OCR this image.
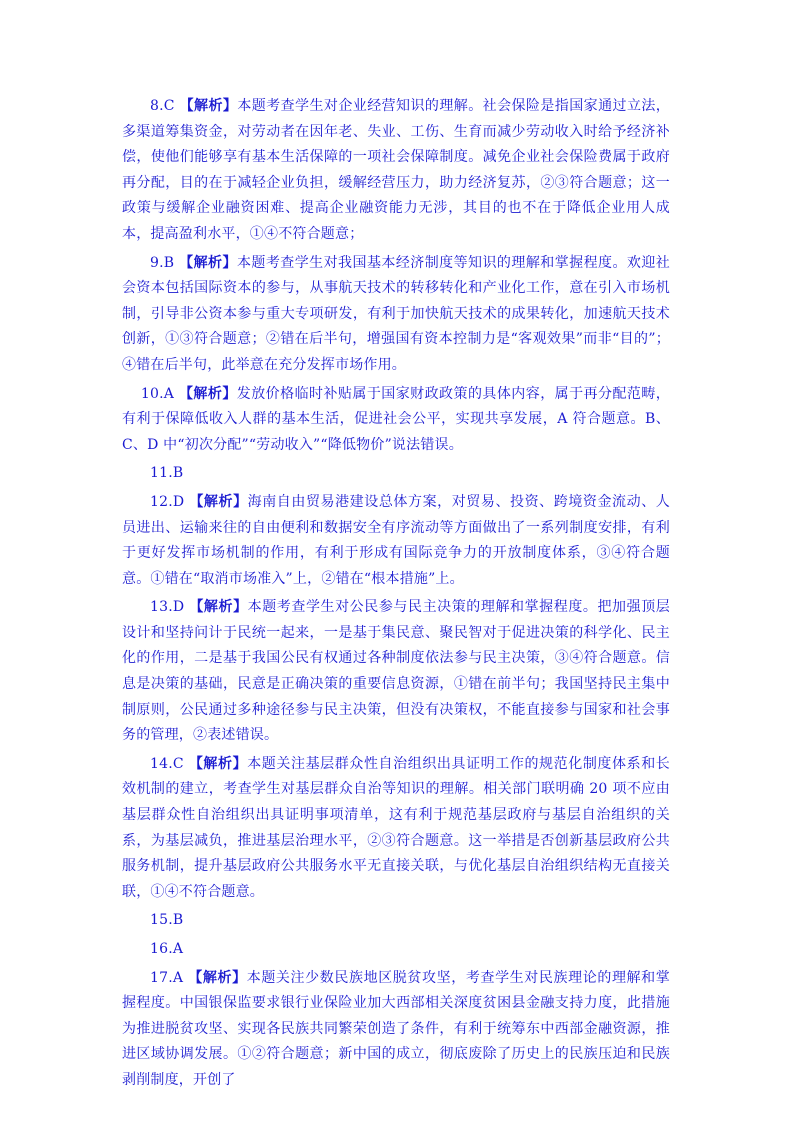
8.C 【解析】本题考查学生对企业经营知识的理解。社会保险是指国家通过立法，多渠道筹集资金，对劳动者在因年老、失业、工伤、生育而减少劳动收入时给予经济补偿，使他们能够享有基本生活保障的一项社会保障制度。减免企业社会保险费属于政府再分配，目的在于减轻企业负担，缓解经营压力，助力经济复苏，②③符合题意；这一政策与缓解企业融资困难、提高企业融资能力无涉，其目的也不在于降低企业用人成本，提高盈利水平，①④不符合题意；

9.B 【解析】本题考查学生对我国基本经济制度等知识的理解和掌握程度。欢迎社会资本包括国际资本的参与，从事航天技术的转移转化和产业化工作，意在引入市场机制，引导非公资本参与重大专项研发，有利于加快航天技术的成果转化，加速航天技术创新，①③符合题意；②错在后半句，增强国有资本控制力是“客观效果”而非“目的”；④错在后半句，此举意在充分发挥市场作用。

10.A 【解析】发放价格临时补贴属于国家财政政策的具体内容，属于再分配范畴，有利于保障低收入人群的基本生活，促进社会公平，实现共享发展，A 符合题意。B、C、D 中“初次分配”“劳动收入”“降低物价”说法错误。

11.B

12.D 【解析】海南自由贸易港建设总体方案，对贸易、投资、跨境资金流动、人员进出、运输来往的自由便利和数据安全有序流动等方面做出了一系列制度安排，有利于更好发挥市场机制的作用，有利于形成有国际竞争力的开放制度体系，③④符合题意。①错在“取消市场准入”上，②错在“根本措施”上。

13.D 【解析】本题考查学生对公民参与民主决策的理解和掌握程度。把加强顶层设计和坚持问计于民统一起来，一是基于集民意、聚民智对于促进决策的科学化、民主化的作用，二是基于我国公民有权通过各种制度依法参与民主决策，③④符合题意。信息是决策的基础，民意是正确决策的重要信息资源，①错在前半句；我国坚持民主集中制原则，公民通过多种途径参与民主决策，但没有决策权，不能直接参与国家和社会事务的管理，②表述错误。

14.C 【解析】本题关注基层群众性自治组织出具证明工作的规范化制度体系和长效机制的建立，考查学生对基层群众自治等知识的理解。相关部门联明确 20 项不应由基层群众性自治组织出具证明事项清单，这有利于规范基层政府与基层自治组织的关系，为基层减负，推进基层治理水平，②③符合题意。这一举措是否创新基层政府公共服务机制，提升基层政府公共服务水平无直接关联，与优化基层自治组织结构无直接关联，①④不符合题意。

15.B

16.A

17.A 【解析】本题关注少数民族地区脱贫攻坚，考查学生对民族理论的理解和掌握程度。中国银保监要求银行业保险业加大西部相关深度贫困县金融支持力度，此措施为推进脱贫攻坚、实现各民族共同繁荣创造了条件，有利于统筹东中西部金融资源，推进区域协调发展。①②符合题意；新中国的成立，彻底废除了历史上的民族压迫和民族剥削制度，开创了
